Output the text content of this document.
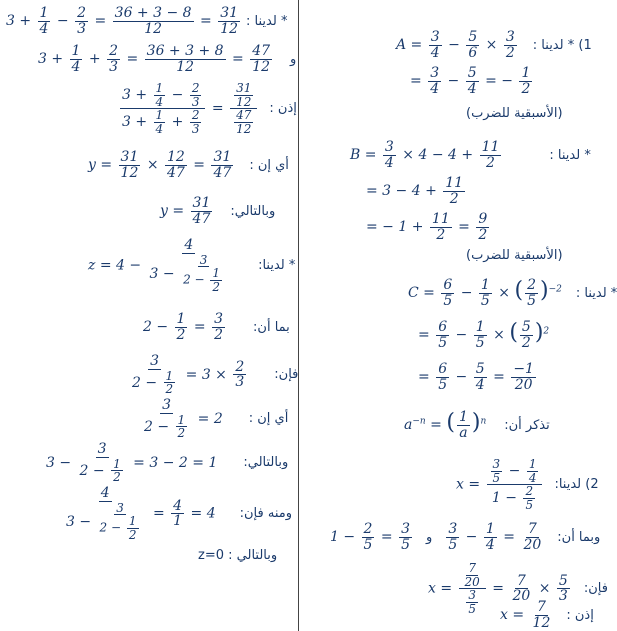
$3 + \frac{1}{4} - \frac{2}{3} = \frac{36 + 3 - 8}{12} = \frac{31}{12}$ * لدينا :
$3 + \frac{1}{4} + \frac{2}{3} = \frac{36 + 3 + 8}{12} = \frac{47}{12}$ و
$\frac{3 + \frac{1}{4} - \frac{2}{3}}{3 + \frac{1}{4} + \frac{2}{3}} = \frac{\frac{31}{12}}{\frac{47}{12}}$ إذن :
$y = \frac{31}{12} \times \frac{12}{47} = \frac{31}{47}$ أي إن :
$y = \frac{31}{47}$ وبالتالي:
$z = 4 - \frac{4}{3 - \frac{3}{2 - \frac{1}{2}}}$ * لدينا:
$2 - \frac{1}{2} = \frac{3}{2}$ بما أن:
$\frac{3}{2 - \frac{1}{2}} = 3 \times \frac{2}{3}$ فإن:
$\frac{3}{2 - \frac{1}{2}} = 2$ أي إن :
$3 - \frac{3}{2 - \frac{1}{2}} = 3 - 2 = 1$ وبالتالي:
$\frac{4}{3 - \frac{3}{2 - \frac{1}{2}}} = \frac{4}{1} = 4$ ومنه فإن:
وبالتالي : z=0
$A = \frac{3}{4} - \frac{5}{6} \times \frac{3}{2} 1$) * لدينا :
= $\frac{3}{4} - \frac{5}{4}$ = − $\frac{1}{2}$
(الأسبقية للضرب)
$B = \frac{3}{4} \times 4 - 4 + \frac{11}{2}$	* لدينا :
= $3 - 4 + \frac{11}{2}$
= − $1 + \frac{11}{2} = \frac{9}{2}$
(الأسبقية للضرب)
$C = \frac{6}{5} - \frac{1}{5}$ × ( $\frac{2}{5} )^{-2}$ * لدينا :
= $\frac{6}{5} - \frac{1}{5}$ × ( $\frac{5}{2} )^2$
= $\frac{6}{5} - \frac{5}{4} = \frac{-1}{20}$
$a^{-n}$ = ( $\frac{1}{a} )^n$ تذكر أن:
$x = \frac{\frac{3}{5} - \frac{1}{4}}{1 - \frac{2}{5}} 2$) لدينا:
$1 - \frac{2}{5} = \frac{3}{5}$ و $\frac{3}{5} - \frac{1}{4} = \frac{7}{20}$ وبما أن:
$x = \frac{\frac{7}{20}}{\frac{3}{5}} = \frac{7}{20} \times \frac{5}{3}$ فإن:
$x = \frac{7}{12}$ إذن :
